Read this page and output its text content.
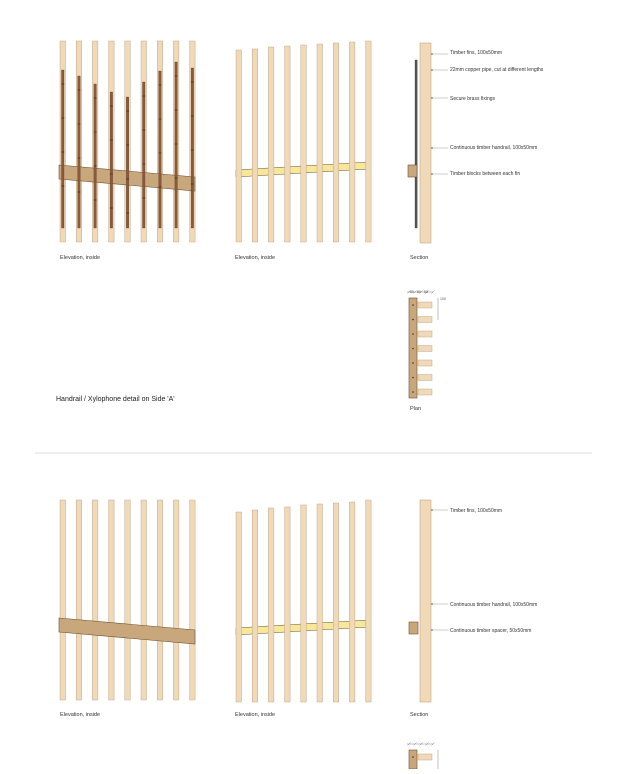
Elevation, inside	Elevation, inside	Section
Plan
Handrail / Xylophone detail on Side 'A'
Timber fins, 100x50mm
22mm copper pipe, cut at different lengths
Secure brass fixings
Continuous timber handrail, 100x50mm
Timber blocks between each fin
50 50 50
100
Elevation, inside	Elevation, inside	Section
Timber fins, 100x50mm
Continuous timber handrail, 100x50mm
Continuous timber spacer, 50x50mm
